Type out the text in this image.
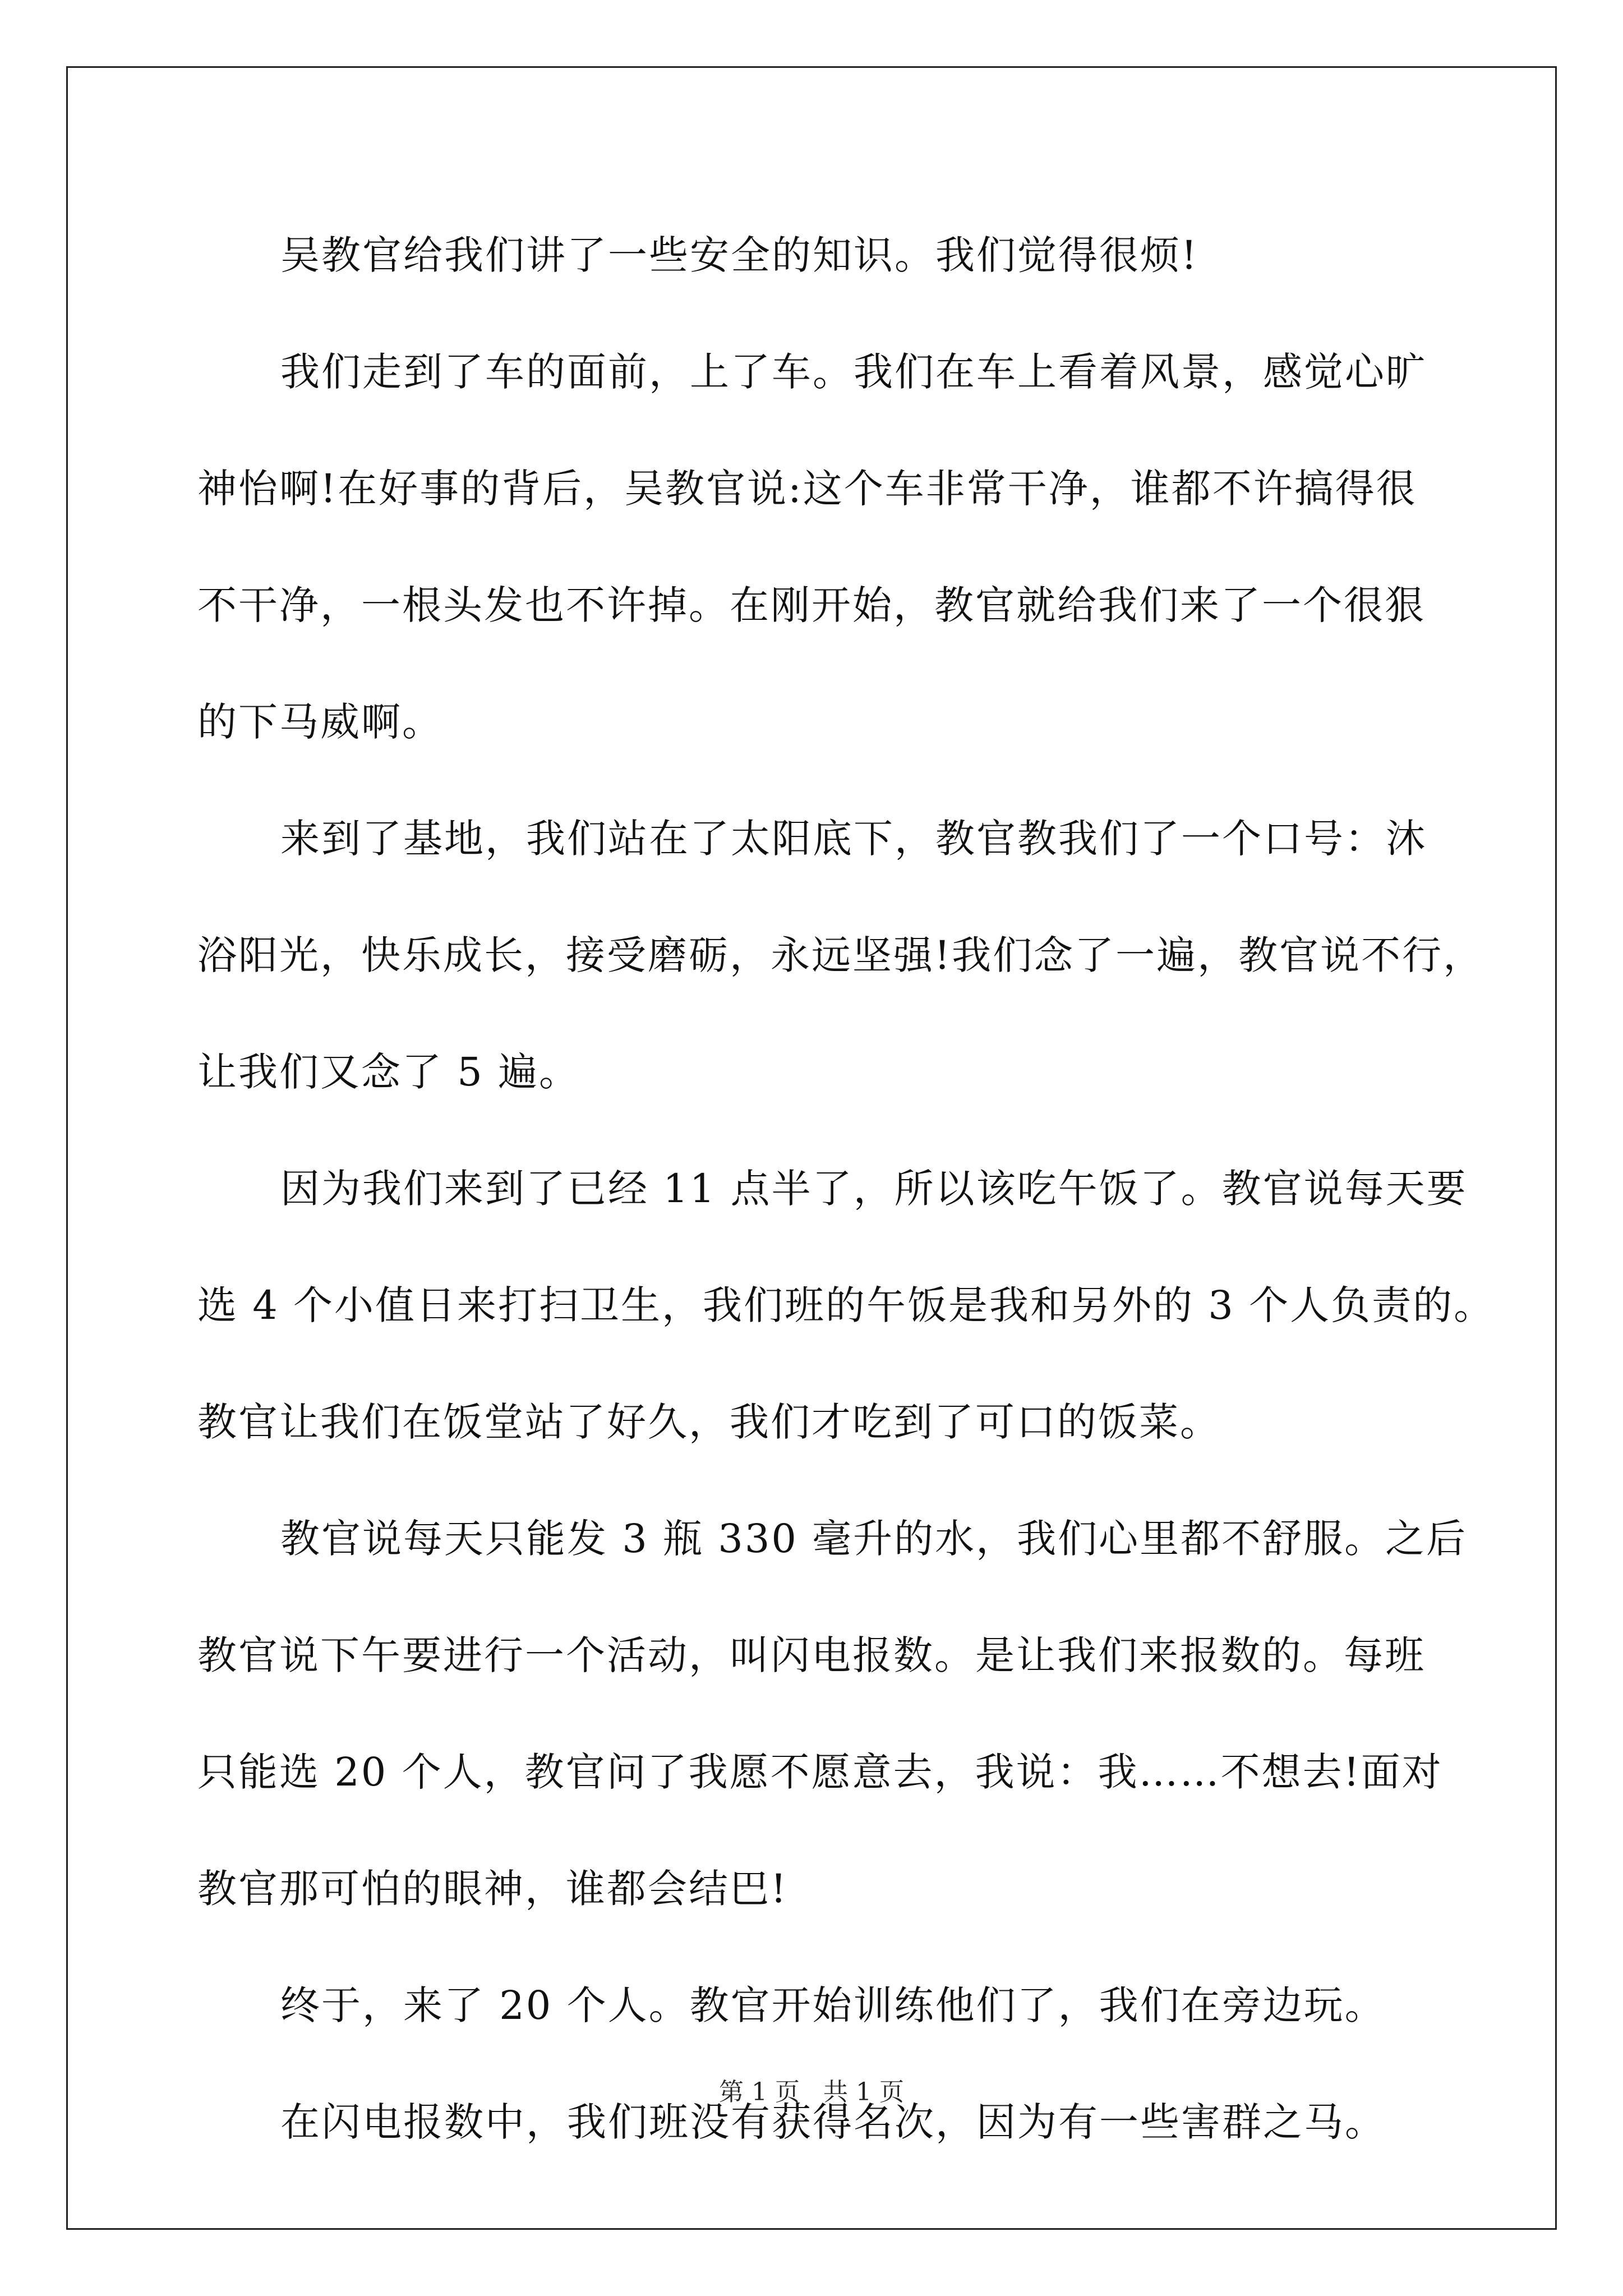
吴教官给我们讲了一些安全的知识。我们觉得很烦!
我们走到了车的面前，上了车。我们在车上看着风景，感觉心旷
神怡啊!在好事的背后，吴教官说:这个车非常干净，谁都不许搞得很
不干净，一根头发也不许掉。在刚开始，教官就给我们来了一个很狠
的下马威啊。
来到了基地，我们站在了太阳底下，教官教我们了一个口号：沐
浴阳光，快乐成长，接受磨砺，永远坚强!我们念了一遍，教官说不行，
让我们又念了 5 遍。
因为我们来到了已经 11 点半了，所以该吃午饭了。教官说每天要
选 4 个小值日来打扫卫生，我们班的午饭是我和另外的 3 个人负责的。
教官让我们在饭堂站了好久，我们才吃到了可口的饭菜。
教官说每天只能发 3 瓶 330 毫升的水，我们心里都不舒服。之后
教官说下午要进行一个活动，叫闪电报数。是让我们来报数的。每班
只能选 20 个人，教官问了我愿不愿意去，我说：我……不想去!面对
教官那可怕的眼神，谁都会结巴!
终于，来了 20 个人。教官开始训练他们了，我们在旁边玩。
在闪电报数中，我们班没有获得名次，因为有一些害群之马。
第 1 页 共 1 页
